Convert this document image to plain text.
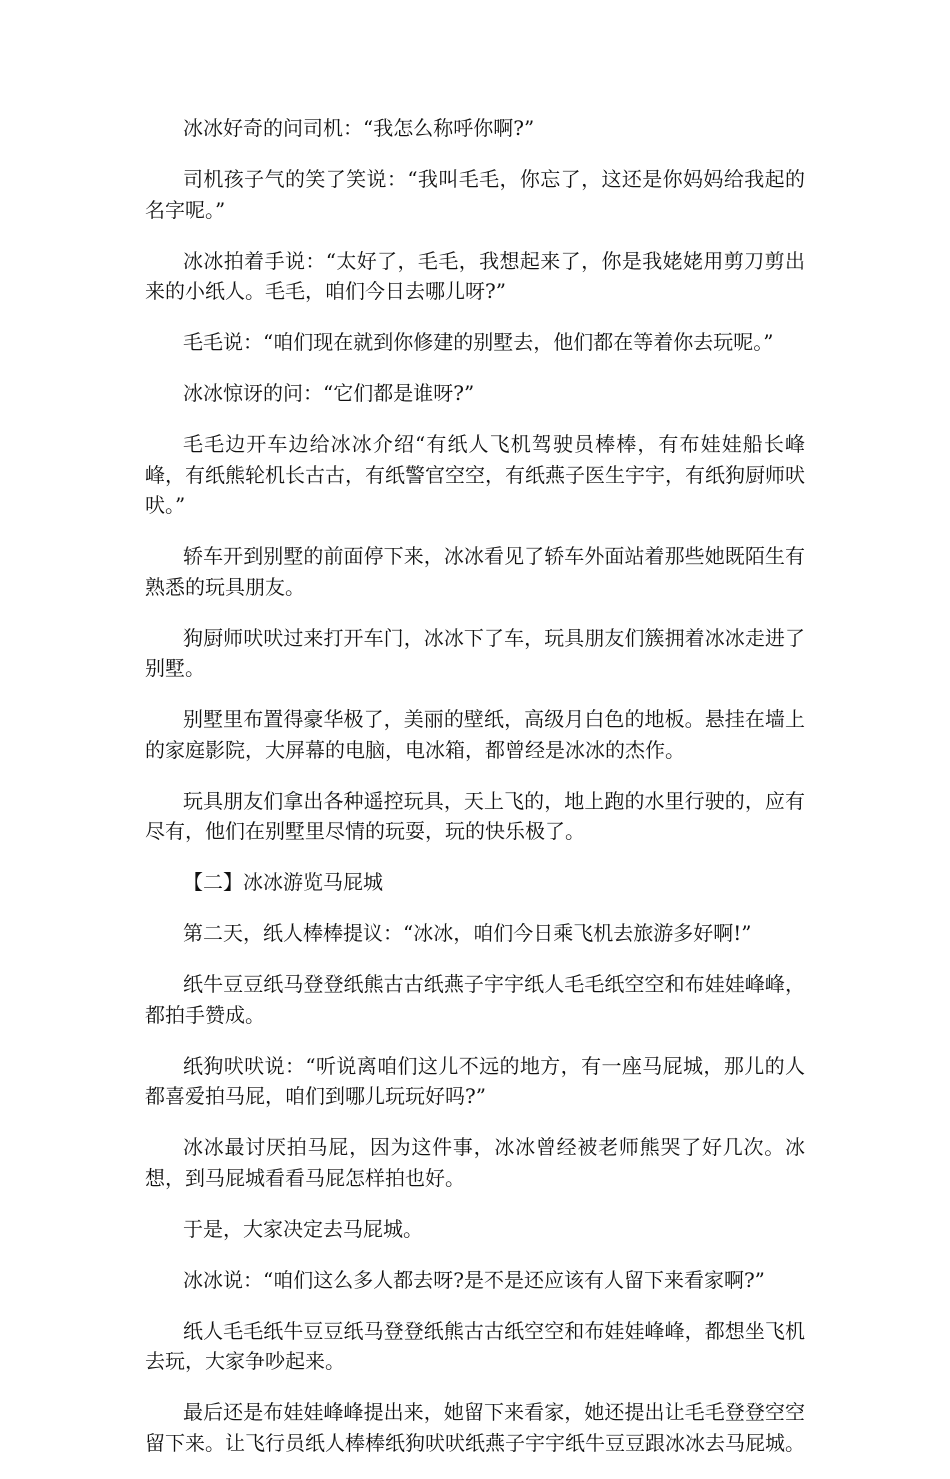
冰冰好奇的问司机：“我怎么称呼你啊?”

司机孩子气的笑了笑说：“我叫毛毛，你忘了，这还是你妈妈给我起的名字呢。”

冰冰拍着手说：“太好了，毛毛，我想起来了，你是我姥姥用剪刀剪出来的小纸人。毛毛，咱们今日去哪儿呀?”

毛毛说：“咱们现在就到你修建的别墅去，他们都在等着你去玩呢。”

冰冰惊讶的问：“它们都是谁呀?”

毛毛边开车边给冰冰介绍“有纸人飞机驾驶员棒棒，有布娃娃船长峰峰，有纸熊轮机长古古，有纸警官空空，有纸燕子医生宇宇，有纸狗厨师吠吠。”

轿车开到别墅的前面停下来，冰冰看见了轿车外面站着那些她既陌生有熟悉的玩具朋友。

狗厨师吠吠过来打开车门，冰冰下了车，玩具朋友们簇拥着冰冰走进了别墅。

别墅里布置得豪华极了，美丽的壁纸，高级月白色的地板。悬挂在墙上的家庭影院，大屏幕的电脑，电冰箱，都曾经是冰冰的杰作。

玩具朋友们拿出各种遥控玩具，天上飞的，地上跑的水里行驶的，应有尽有，他们在别墅里尽情的玩耍，玩的快乐极了。

【二】冰冰游览马屁城

第二天，纸人棒棒提议：“冰冰，咱们今日乘飞机去旅游多好啊!”

纸牛豆豆纸马登登纸熊古古纸燕子宇宇纸人毛毛纸空空和布娃娃峰峰，都拍手赞成。

纸狗吠吠说：“听说离咱们这儿不远的地方，有一座马屁城，那儿的人都喜爱拍马屁，咱们到哪儿玩玩好吗?”

冰冰最讨厌拍马屁，因为这件事，冰冰曾经被老师熊哭了好几次。冰想，到马屁城看看马屁怎样拍也好。

于是，大家决定去马屁城。

冰冰说：“咱们这么多人都去呀?是不是还应该有人留下来看家啊?”

纸人毛毛纸牛豆豆纸马登登纸熊古古纸空空和布娃娃峰峰，都想坐飞机去玩，大家争吵起来。

最后还是布娃娃峰峰提出来，她留下来看家，她还提出让毛毛登登空空留下来。让飞行员纸人棒棒纸狗吠吠纸燕子宇宇纸牛豆豆跟冰冰去马屁城。
